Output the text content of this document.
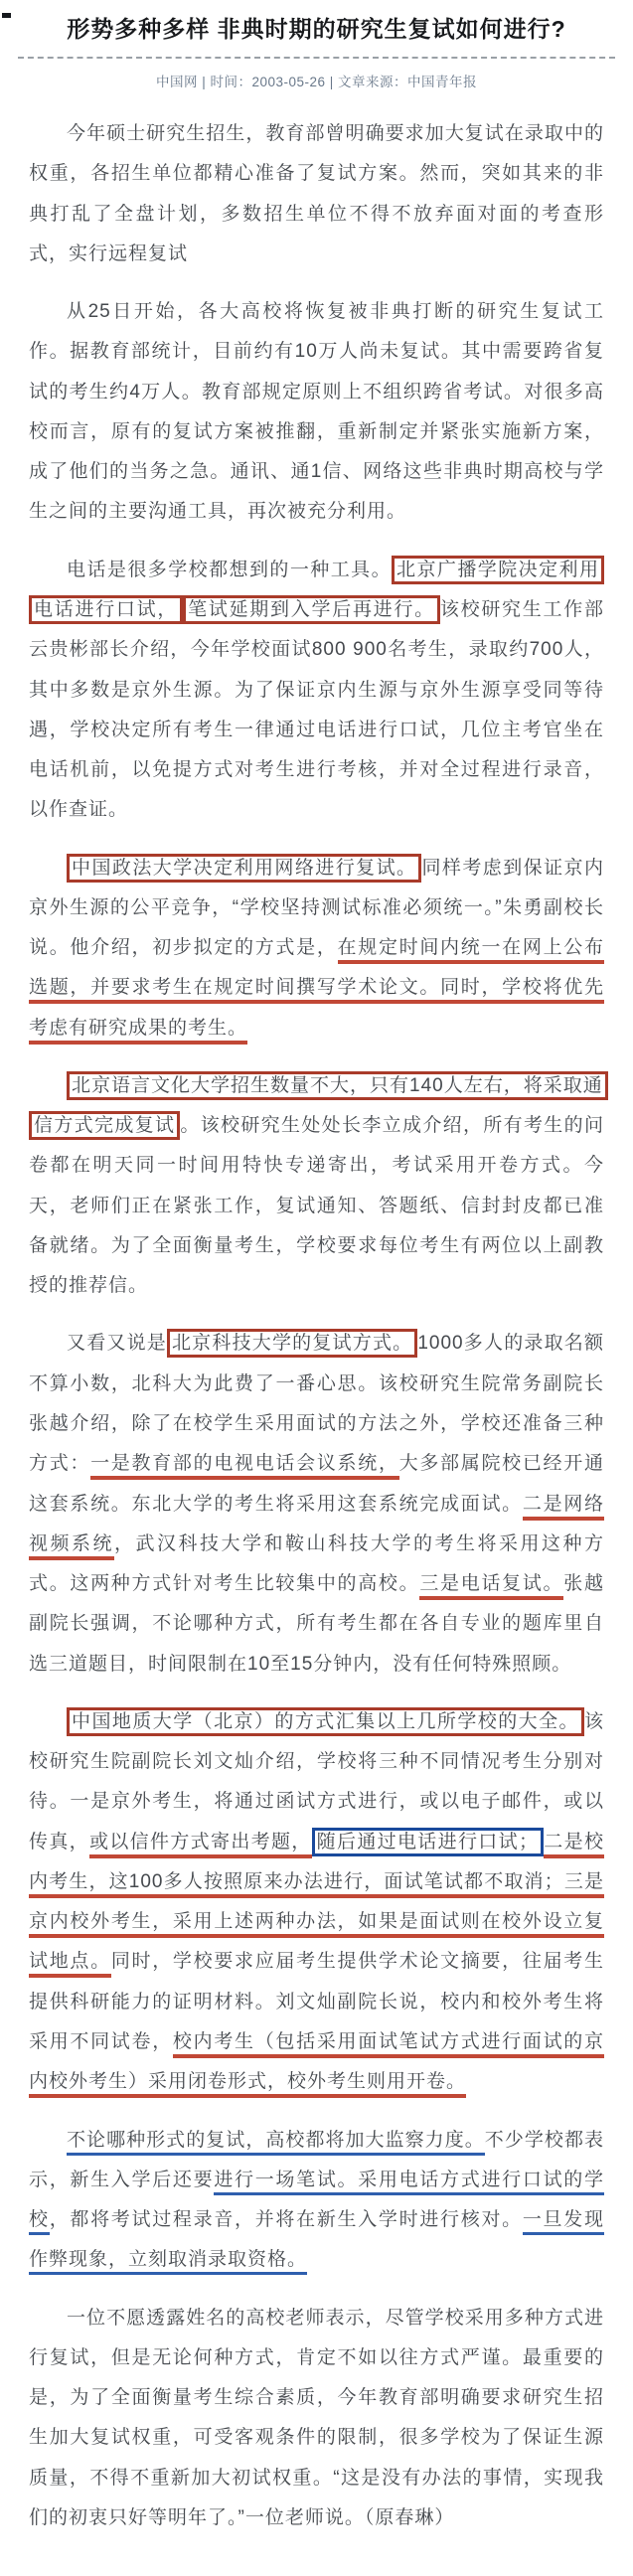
形势多种多样 非典时期的研究生复试如何进行?
中国网 | 时间：2003-05-26 | 文章来源：中国青年报

今年硕士研究生招生，教育部曾明确要求加大复试在录取中的权重，各招生单位都精心准备了复试方案。然而，突如其来的非典打乱了全盘计划，多数招生单位不得不放弃面对面的考查形式，实行远程复试

从25日开始，各大高校将恢复被非典打断的研究生复试工作。据教育部统计，目前约有10万人尚未复试。其中需要跨省复试的考生约4万人。教育部规定原则上不组织跨省考试。对很多高校而言，原有的复试方案被推翻，重新制定并紧张实施新方案，成了他们的当务之急。通讯、通1信、网络这些非典时期高校与学生之间的主要沟通工具，再次被充分利用。

电话是很多学校都想到的一种工具。 北京广播学院决定利用电话进行口试， 笔试延期到入学后再进行。 该校研究生工作部云贵彬部长介绍，今年学校面试800 900名考生，录取约700人，其中多数是京外生源。为了保证京内生源与京外生源享受同等待遇，学校决定所有考生一律通过电话进行口试，几位主考官坐在电话机前，以免提方式对考生进行考核，并对全过程进行录音，以作查证。

中国政法大学决定利用网络进行复试。 同样考虑到保证京内京外生源的公平竞争，“学校坚持测试标准必须统一。”朱勇副校长说。他介绍，初步拟定的方式是，在规定时间内统一在网上公布选题，并要求考生在规定时间撰写学术论文。同时，学校将优先考虑有研究成果的考生。

北京语言文化大学招生数量不大，只有140人左右，将采取通信方式完成复试 。该校研究生处处长李立成介绍，所有考生的问卷都在明天同一时间用特快专递寄出，考试采用开卷方式。今天，老师们正在紧张工作，复试通知、答题纸、信封封皮都已准备就绪。为了全面衡量考生，学校要求每位考生有两位以上副教授的推荐信。

又看又说是 北京科技大学的复试方式。 1000多人的录取名额不算小数，北科大为此费了一番心思。该校研究生院常务副院长张越介绍，除了在校学生采用面试的方法之外，学校还准备三种方式：一是教育部的电视电话会议系统，大多部属院校已经开通这套系统。东北大学的考生将采用这套系统完成面试。二是网络视频系统，武汉科技大学和鞍山科技大学的考生将采用这种方式。这两种方式针对考生比较集中的高校。三是电话复试。张越副院长强调，不论哪种方式，所有考生都在各自专业的题库里自选三道题目，时间限制在10至15分钟内，没有任何特殊照顾。

中国地质大学（北京）的方式汇集以上几所学校的大全。 该校研究生院副院长刘文灿介绍，学校将三种不同情况考生分别对待。一是京外考生，将通过函试方式进行，或以电子邮件，或以传真，或以信件方式寄出考题， 随后通过电话进行口试； 二是校内考生，这100多人按照原来办法进行，面试笔试都不取消；三是京内校外考生，采用上述两种办法，如果是面试则在校外设立复试地点。同时，学校要求应届考生提供学术论文摘要，往届考生提供科研能力的证明材料。刘文灿副院长说，校内和校外考生将采用不同试卷，校内考生（包括采用面试笔试方式进行面试的京内校外考生）采用闭卷形式，校外考生则用开卷。

不论哪种形式的复试，高校都将加大监察力度。不少学校都表示，新生入学后还要进行一场笔试。采用电话方式进行口试的学校，都将考试过程录音，并将在新生入学时进行核对。一旦发现作弊现象，立刻取消录取资格。

一位不愿透露姓名的高校老师表示，尽管学校采用多种方式进行复试，但是无论何种方式，肯定不如以往方式严谨。最重要的是，为了全面衡量考生综合素质，今年教育部明确要求研究生招生加大复试权重，可受客观条件的限制，很多学校为了保证生源质量，不得不重新加大初试权重。“这是没有办法的事情，实现我们的初衷只好等明年了。”一位老师说。（原春琳）
